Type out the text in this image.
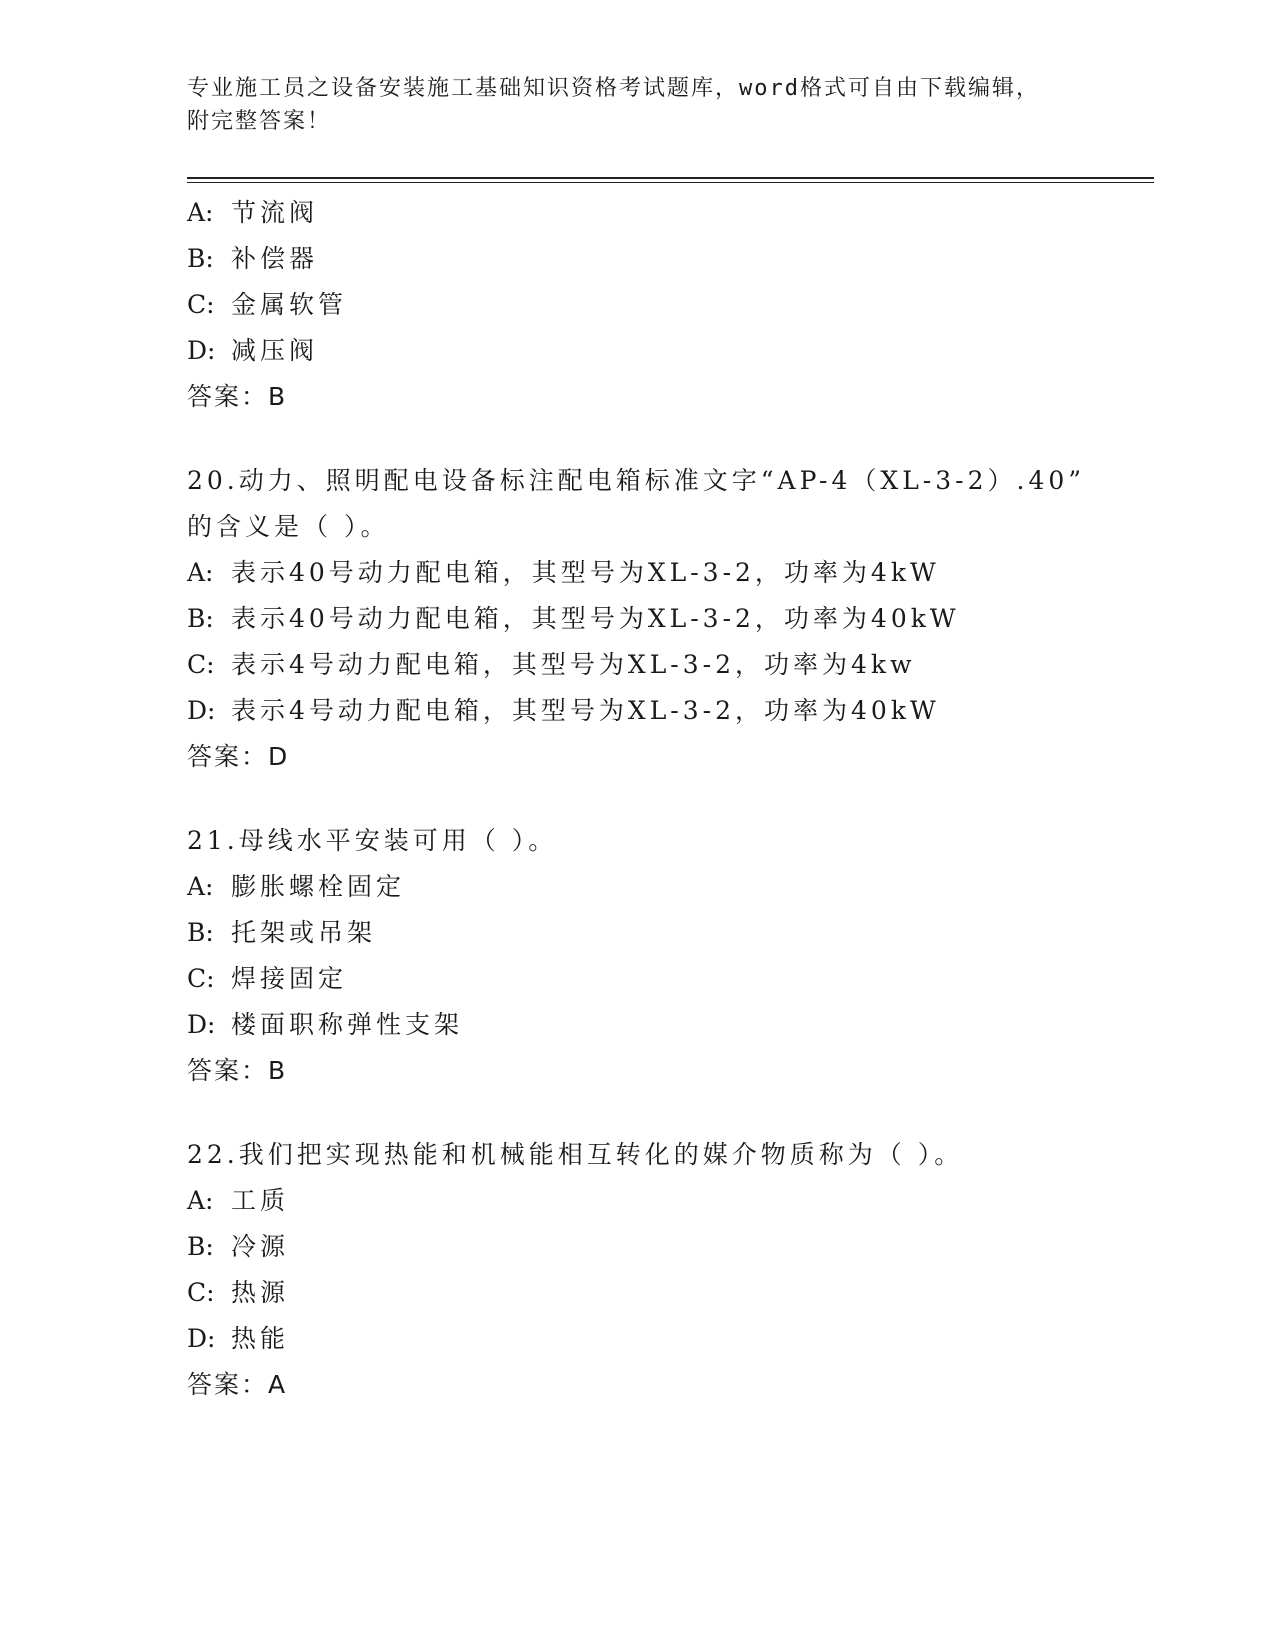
专业施工员之设备安装施工基础知识资格考试题库，word格式可自由下载编辑，
附完整答案！
A: 节流阀
B: 补偿器
C: 金属软管
D: 减压阀
答案：B
20.动力、照明配电设备标注配电箱标准文字“AP-4（XL-3-2）.40”
的含义是（ ）。
A: 表示40号动力配电箱，其型号为XL-3-2，功率为4kW
B: 表示40号动力配电箱，其型号为XL-3-2，功率为40kW
C: 表示4号动力配电箱，其型号为XL-3-2，功率为4kw
D: 表示4号动力配电箱，其型号为XL-3-2，功率为40kW
答案：D
21.母线水平安装可用（ ）。
A: 膨胀螺栓固定
B: 托架或吊架
C: 焊接固定
D: 楼面职称弹性支架
答案：B
22.我们把实现热能和机械能相互转化的媒介物质称为（ ）。
A: 工质
B: 冷源
C: 热源
D: 热能
答案：A
